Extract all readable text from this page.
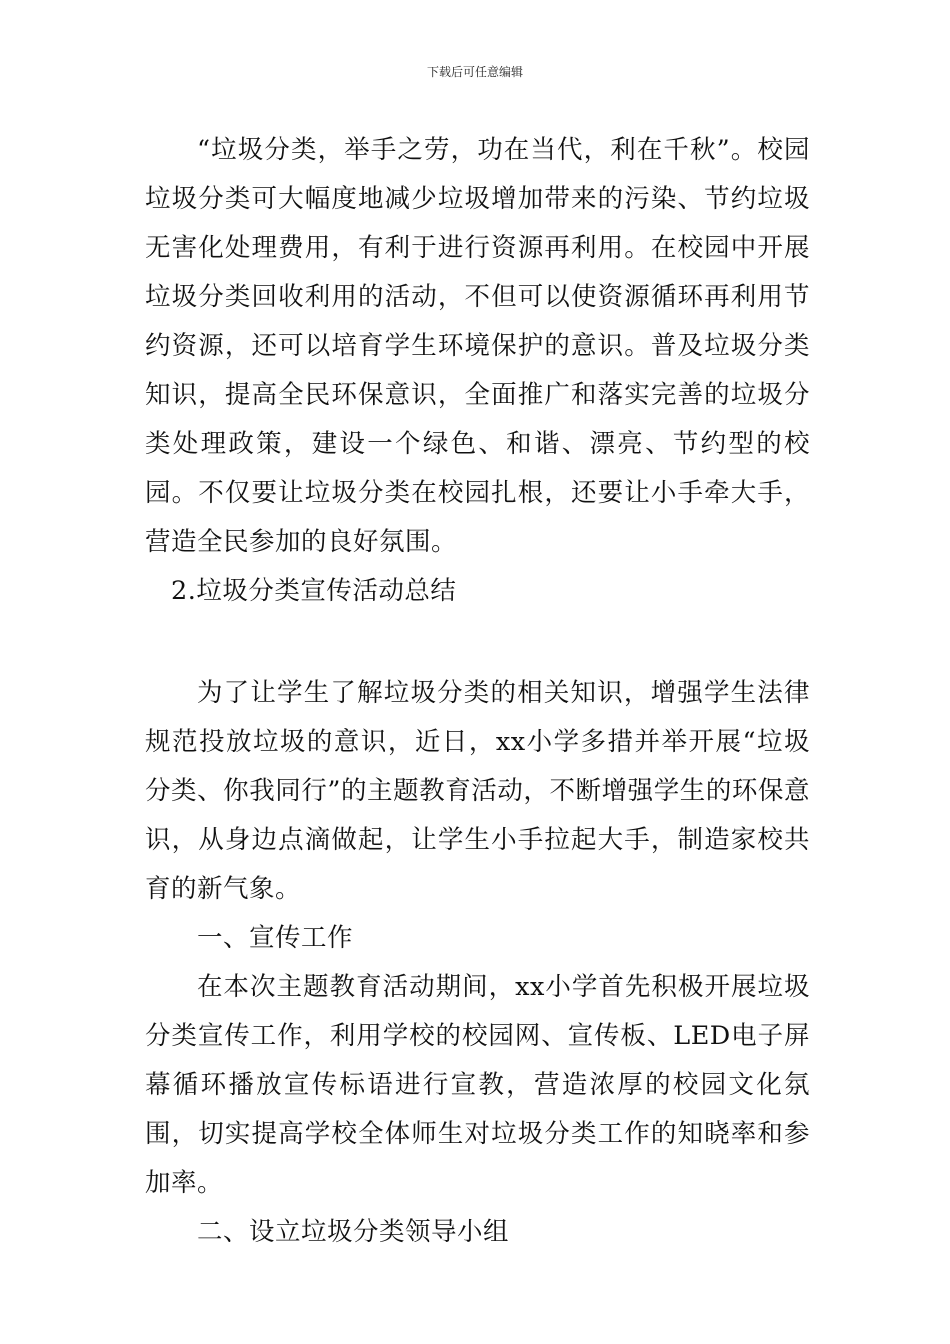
下载后可任意编辑

“垃圾分类，举手之劳，功在当代，利在千秋”。校园垃圾分类可大幅度地减少垃圾增加带来的污染、节约垃圾无害化处理费用，有利于进行资源再利用。在校园中开展垃圾分类回收利用的活动，不但可以使资源循环再利用节约资源，还可以培育学生环境保护的意识。普及垃圾分类知识，提高全民环保意识，全面推广和落实完善的垃圾分类处理政策，建设一个绿色、和谐、漂亮、节约型的校园。不仅要让垃圾分类在校园扎根，还要让小手牵大手，营造全民参加的良好氛围。

2.垃圾分类宣传活动总结

为了让学生了解垃圾分类的相关知识，增强学生法律规范投放垃圾的意识，近日，xx小学多措并举开展“垃圾分类、你我同行”的主题教育活动，不断增强学生的环保意识，从身边点滴做起，让学生小手拉起大手，制造家校共育的新气象。

一、宣传工作

在本次主题教育活动期间，xx小学首先积极开展垃圾分类宣传工作，利用学校的校园网、宣传板、LED电子屏幕循环播放宣传标语进行宣教，营造浓厚的校园文化氛围，切实提高学校全体师生对垃圾分类工作的知晓率和参加率。

二、设立垃圾分类领导小组
